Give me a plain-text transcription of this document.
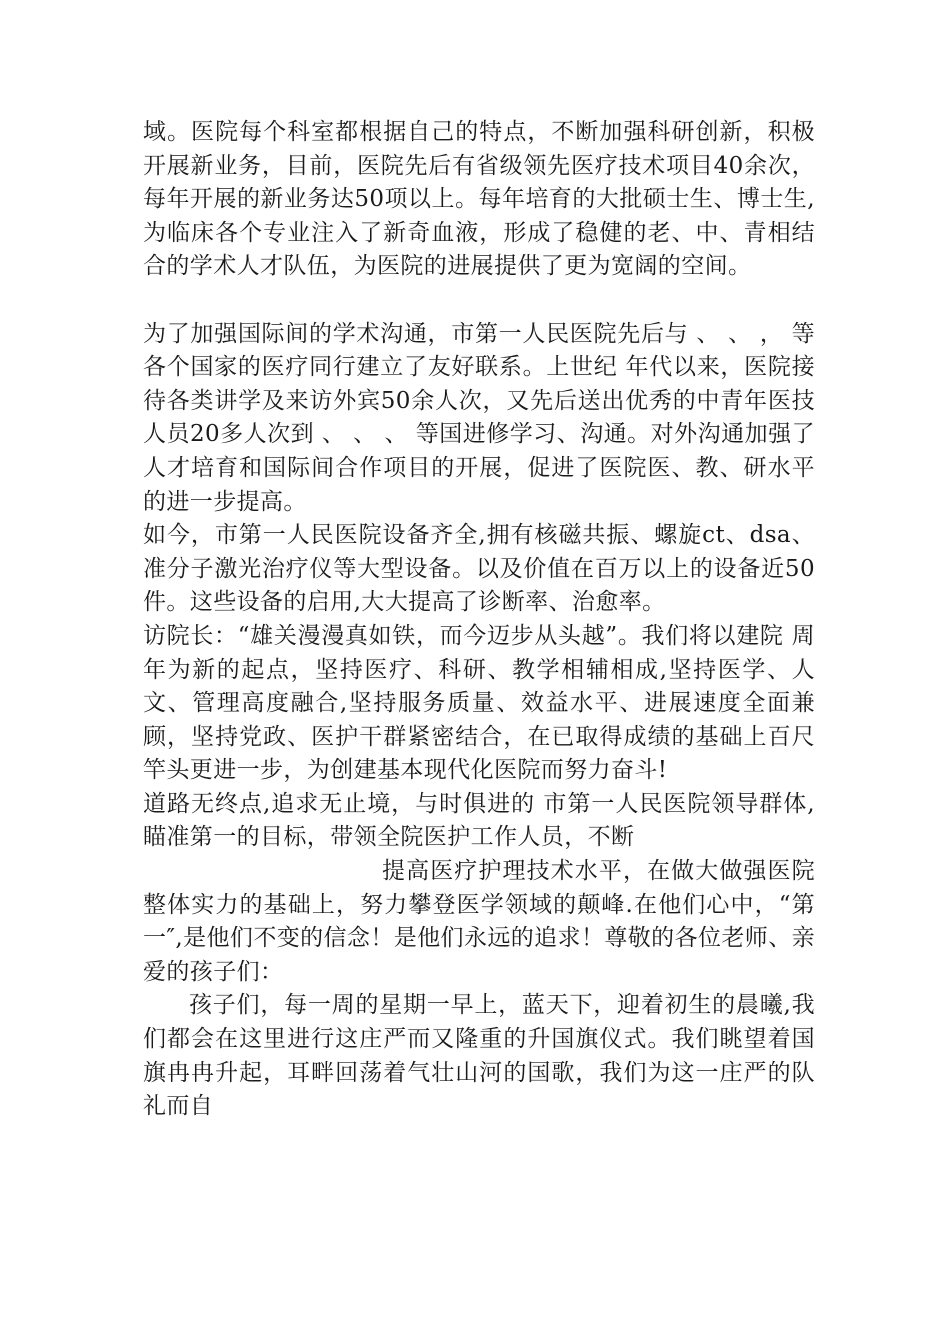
域。医院每个科室都根据自己的特点，不断加强科研创新，积极开展新业务，目前，医院先后有省级领先医疗技术项目40余次，每年开展的新业务达50项以上。每年培育的大批硕士生、博士生,为临床各个专业注入了新奇血液，形成了稳健的老、中、青相结合的学术人才队伍，为医院的进展提供了更为宽阔的空间。

为了加强国际间的学术沟通，市第一人民医院先后与 、 、 ， 等各个国家的医疗同行建立了友好联系。上世纪 年代以来，医院接待各类讲学及来访外宾50余人次，又先后送出优秀的中青年医技人员20多人次到 、 、 、 等国进修学习、沟通。对外沟通加强了人才培育和国际间合作项目的开展，促进了医院医、教、研水平的进一步提高。

如今，市第一人民医院设备齐全,拥有核磁共振、螺旋ct、dsa、准分子激光治疗仪等大型设备。以及价值在百万以上的设备近50件。这些设备的启用,大大提高了诊断率、治愈率。

访院长：“雄关漫漫真如铁，而今迈步从头越”。我们将以建院 周年为新的起点，坚持医疗、科研、教学相辅相成,坚持医学、人文、管理高度融合,坚持服务质量、效益水平、进展速度全面兼顾，坚持党政、医护干群紧密结合，在已取得成绩的基础上百尺竿头更进一步，为创建基本现代化医院而努力奋斗!

道路无终点,追求无止境，与时俱进的 市第一人民医院领导群体,瞄准第一的目标，带领全院医护工作人员，不断

提高医疗护理技术水平，在做大做强医院整体实力的基础上，努力攀登医学领域的颠峰.在他们心中，“第一″,是他们不变的信念！是他们永远的追求！尊敬的各位老师、亲爱的孩子们：

孩子们，每一周的星期一早上，蓝天下，迎着初生的晨曦,我们都会在这里进行这庄严而又隆重的升国旗仪式。我们眺望着国旗冉冉升起，耳畔回荡着气壮山河的国歌，我们为这一庄严的队礼而自
